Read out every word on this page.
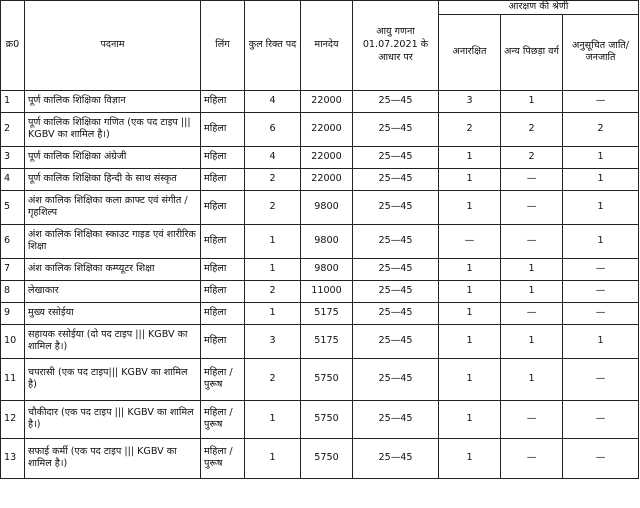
क्र0	पदनाम	लिंग	कुल रिक्त पद	मानदेय	आयु गणना 01.07.2021 के आधार पर	आरक्षण की श्रेणी		
						अनारक्षित	अन्य पिछड़ा वर्ग	अनुसूचित जाति/ जनजाति
1	पूर्ण कालिक शिक्षिका विज्ञान	महिला	4	22000	25—45	3	1	—
2	पूर्ण कालिक शिक्षिका गणित (एक पद टाइप ||| KGBV का शामिल है।)	महिला	6	22000	25—45	2	2	2
3	पूर्ण कालिक शिक्षिका अंग्रेजी	महिला	4	22000	25—45	1	2	1
4	पूर्ण कालिक शिक्षिका हिन्दी के साथ संस्कृत	महिला	2	22000	25—45	1	—	1
5	अंश कालिक शिक्षिका कला क्राफ्ट एवं संगीत /गृहशिल्प	महिला	2	9800	25—45	1	—	1
6	अंश कालिक शिक्षिका स्काउट गाइड एवं शारीरिक शिक्षा	महिला	1	9800	25—45	—	—	1
7	अंश कालिक शिक्षिका कम्प्यूटर शिक्षा	महिला	1	9800	25—45	1	1	—
8	लेखाकार	महिला	2	11000	25—45	1	1	—
9	मुख्य रसोईया	महिला	1	5175	25—45	1	—	—
10	सहायक रसोईया (दो पद टाइप ||| KGBV का शामिल है।)	महिला	3	5175	25—45	1	1	1
11	चपरासी (एक पद टाइप||| KGBV का शामिल है)	महिला /पुरूष	2	5750	25—45	1	1	—
12	चौकीदार (एक पद टाइप ||| KGBV का शामिल है।)	महिला /पुरूष	1	5750	25—45	1	—	—
13	सफाई कर्मी (एक पद टाइप ||| KGBV का शामिल है।)	महिला /पुरूष	1	5750	25—45	1	—	—
